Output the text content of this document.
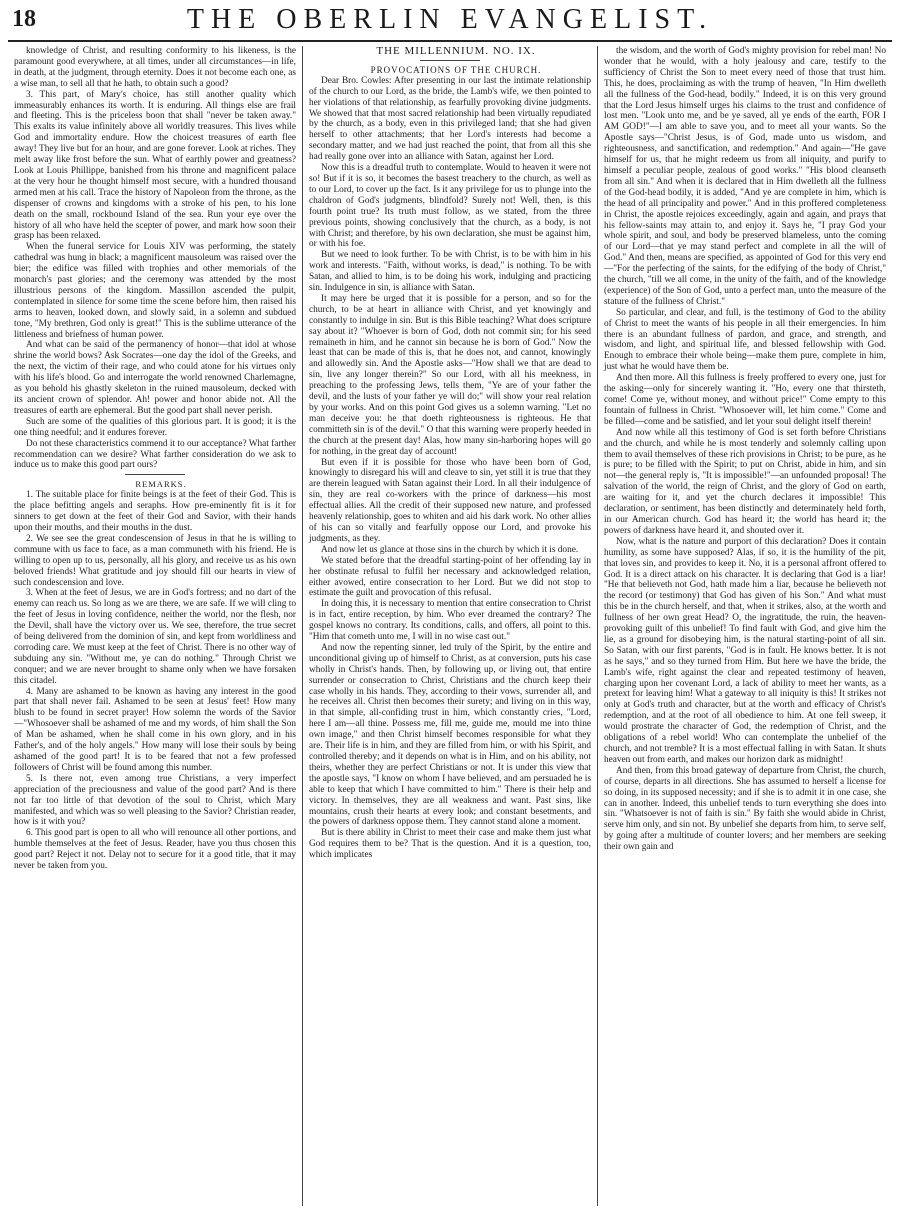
18	THE OBERLIN EVANGELIST.

knowledge of Christ, and resulting conformity to his likeness, is the paramount good everywhere, at all times, under all circumstances—in life, in death, at the judgment, through eternity. Does it not become each one, as a wise man, to sell all that he hath, to obtain such a good?

3. This part, of Mary's choice, has still another quality which immeasurably enhances its worth. It is enduring. All things else are frail and fleeting. This is the priceless boon that shall "never be taken away." This exalts its value infinitely above all worldly treasures. This lives while God and immortality endure. How the choicest treasures of earth flee away! They live but for an hour, and are gone forever. Look at riches. They melt away like frost before the sun. What of earthly power and greatness? Look at Louis Phillippe, banished from his throne and magnificent palace at the very hour he thought himself most secure, with a hundred thousand armed men at his call. Trace the history of Napoleon from the throne, as the dispenser of crowns and kingdoms with a stroke of his pen, to his lone death on the small, rockbound Island of the sea. Run your eye over the history of all who have held the scepter of power, and mark how soon their grasp has been relaxed.

When the funeral service for Louis XIV was performing, the stately cathedral was hung in black; a magnificent mausoleum was raised over the bier; the edifice was filled with trophies and other memorials of the monarch's past glories; and the ceremony was attended by the most illustrious persons of the kingdom. Massillon ascended the pulpit, contemplated in silence for some time the scene before him, then raised his arms to heaven, looked down, and slowly said, in a solemn and subdued tone, "My brethren, God only is great!" This is the sublime utterance of the littleness and briefness of human power.

And what can be said of the permanency of honor—that idol at whose shrine the world bows? Ask Socrates—one day the idol of the Greeks, and the next, the victim of their rage, and who could atone for his virtues only with his life's blood. Go and interrogate the world renowned Charlemagne, as you behold his ghastly skeleton in the ruined mausoleum, decked with its ancient crown of splendor. Ah! power and honor abide not. All the treasures of earth are ephemeral. But the good part shall never perish.

Such are some of the qualities of this glorious part. It is good; it is the one thing needful; and it endures forever.

Do not these characteristics commend it to our acceptance? What farther recommendation can we desire? What farther consideration do we ask to induce us to make this good part ours?

REMARKS.

1. The suitable place for finite beings is at the feet of their God. This is the place befitting angels and seraphs. How pre-eminently fit is it for sinners to get down at the feet of their God and Savior, with their hands upon their mouths, and their mouths in the dust.

2. We see see the great condescension of Jesus in that he is willing to commune with us face to face, as a man communeth with his friend. He is willing to open up to us, personally, all his glory, and receive us as his own beloved friends! What gratitude and joy should fill our hearts in view of such condescension and love.

3. When at the feet of Jesus, we are in God's fortress; and no dart of the enemy can reach us. So long as we are there, we are safe. If we will cling to the feet of Jesus in loving confidence, neither the world, nor the flesh, nor the Devil, shall have the victory over us. We see, therefore, the true secret of being delivered from the dominion of sin, and kept from worldliness and corroding care. We must keep at the feet of Christ. There is no other way of subduing any sin. "Without me, ye can do nothing." Through Christ we conquer; and we are never brought to shame only when we have forsaken this citadel.

4. Many are ashamed to be known as having any interest in the good part that shall never fail. Ashamed to be seen at Jesus' feet! How many blush to be found in secret prayer! How solemn the words of the Savior—"Whosoever shall be ashamed of me and my words, of him shall the Son of Man be ashamed, when he shall come in his own glory, and in his Father's, and of the holy angels." How many will lose their souls by being ashamed of the good part! It is to be feared that not a few professed followers of Christ will be found among this number.

5. Is there not, even among true Christians, a very imperfect appreciation of the preciousness and value of the good part? And is there not far too little of that devotion of the soul to Christ, which Mary manifested, and which was so well pleasing to the Savior? Christian reader, how is it with you?

6. This good part is open to all who will renounce all other portions, and humble themselves at the feet of Jesus. Reader, have you thus chosen this good part? Reject it not. Delay not to secure for it a good title, that it may never be taken from you.

THE MILLENNIUM. NO. IX.

PROVOCATIONS OF THE CHURCH.

Dear Bro. Cowles: After presenting in our last the intimate relationship of the church to our Lord, as the bride, the Lamb's wife, we then pointed to her violations of that relationship, as fearfully provoking divine judgments. We showed that that most sacred relationship had been virtually repudiated by the church, as a body, even in this privileged land; that she had given herself to other attachments; that her Lord's interests had become a secondary matter, and we had just reached the point, that from all this she had really gone over into an alliance with Satan, against her Lord.

Now this is a dreadful truth to contemplate. Would to heaven it were not so! But if it is so, it becomes the basest treachery to the church, as well as to our Lord, to cover up the fact. Is it any privilege for us to plunge into the chaldron of God's judgments, blindfold? Surely not! Well, then, is this fourth point true? Its truth must follow, as we stated, from the three previous points, showing conclusively that the church, as a body, is not with Christ; and therefore, by his own declaration, she must be against him, or with his foe.

But we need to look further. To be with Christ, is to be with him in his work and interests. "Faith, without works, is dead," is nothing. To be with Satan, and allied to him, is to be doing his work, indulging and practicing sin. Indulgence in sin, is alliance with Satan.

It may here be urged that it is possible for a person, and so for the church, to be at heart in alliance with Christ, and yet knowingly and constantly to indulge in sin. But is this Bible teaching? What does scripture say about it? "Whoever is born of God, doth not commit sin; for his seed remaineth in him, and he cannot sin because he is born of God." Now the least that can be made of this is, that he does not, and cannot, knowingly and allowedly sin. And the Apostle asks—"How shall we that are dead to sin, live any longer therein?" So our Lord, with all his meekness, in preaching to the professing Jews, tells them, "Ye are of your father the devil, and the lusts of your father ye will do;" will show your real relation by your works. And on this point God gives us a solemn warning. "Let no man deceive you: he that doeth righteousness is righteous. He that committeth sin is of the devil." O that this warning were properly heeded in the church at the present day! Alas, how many sin-harboring hopes will go for nothing, in the great day of account!

But even if it is possible for those who have been born of God, knowingly to disregard his will and cleave to sin, yet still it is true that they are therein leagued with Satan against their Lord. In all their indulgence of sin, they are real co-workers with the prince of darkness—his most effectual allies. All the credit of their supposed new nature, and professed heavenly relationship, goes to whiten and aid his dark work. No other allies of his can so vitally and fearfully oppose our Lord, and provoke his judgments, as they.

And now let us glance at those sins in the church by which it is done.

We stated before that the dreadful starting-point of her offending lay in her obstinate refusal to fulfil her necessary and acknowledged relation, either avowed, entire consecration to her Lord. But we did not stop to estimate the guilt and provocation of this refusal.

In doing this, it is necessary to mention that entire consecration to Christ is in fact, entire reception, by him. Who ever dreamed the contrary? The gospel knows no contrary. Its conditions, calls, and offers, all point to this. "Him that cometh unto me, I will in no wise cast out."

And now the repenting sinner, led truly of the Spirit, by the entire and unconditional giving up of himself to Christ, as at conversion, puts his case wholly in Christ's hands. Then, by following up, or living out, that entire surrender or consecration to Christ, Christians and the church keep their case wholly in his hands. They, according to their vows, surrender all, and he receives all. Christ then becomes their surety; and living on in this way, in that simple, all-confiding trust in him, which constantly cries, "Lord, here I am—all thine. Possess me, fill me, guide me, mould me into thine own image," and then Christ himself becomes responsible for what they are. Their life is in him, and they are filled from him, or with his Spirit, and controlled thereby; and it depends on what is in Him, and on his ability, not theirs, whether they are perfect Christians or not. It is under this view that the apostle says, "I know on whom I have believed, and am persuaded he is able to keep that which I have committed to him." There is their help and victory. In themselves, they are all weakness and want. Past sins, like mountains, crush their hearts at every look; and constant besetments, and the powers of darkness oppose them. They cannot stand alone a moment.

But is there ability in Christ to meet their case and make them just what God requires them to be? That is the question. And it is a question, too, which implicates

the wisdom, and the worth of God's mighty provision for rebel man! No wonder that he would, with a holy jealousy and care, testify to the sufficiency of Christ the Son to meet every need of those that trust him. This, he does, proclaiming as with the trump of heaven, "In Him dwelleth all the fullness of the God-head, bodily." Indeed, it is on this very ground that the Lord Jesus himself urges his claims to the trust and confidence of lost men. "Look unto me, and be ye saved, all ye ends of the earth, FOR I AM GOD!"—I am able to save you, and to meet all your wants. So the Apostle says—"Christ Jesus, is of God, made unto us wisdom, and righteousness, and sanctification, and redemption." And again—"He gave himself for us, that he might redeem us from all iniquity, and purify to himself a peculiar people, zealous of good works." "His blood cleanseth from all sin." And when it is declared that in Him dwelleth all the fullness of the God-head bodily, it is added, "And ye are complete in him, which is the head of all principality and power." And in this proffered completeness in Christ, the apostle rejoices exceedingly, again and again, and prays that his fellow-saints may attain to, and enjoy it. Says he, "I pray God your whole spirit, and soul, and body be preserved blameless, unto the coming of our Lord—that ye may stand perfect and complete in all the will of God." And then, means are specified, as appointed of God for this very end—"For the perfecting of the saints, for the edifying of the body of Christ," the church, "till we all come, in the unity of the faith, and of the knowledge (experience) of the Son of God, unto a perfect man, unto the measure of the stature of the fullness of Christ."

So particular, and clear, and full, is the testimony of God to the ability of Christ to meet the wants of his people in all their emergencies. In him there is an abundant fullness of pardon, and grace, and strength, and wisdom, and light, and spiritual life, and blessed fellowship with God. Enough to embrace their whole being—make them pure, complete in him, just what he would have them be.

And then more. All this fullness is freely proffered to every one, just for the asking—only for sincerely wanting it. "Ho, every one that thirsteth, come! Come ye, without money, and without price!" Come empty to this fountain of fullness in Christ. "Whosoever will, let him come." Come and be filled—come and be satisfied, and let your soul delight itself therein!

And now while all this testimony of God is set forth before Christians and the church, and while he is most tenderly and solemnly calling upon them to avail themselves of these rich provisions in Christ; to be pure, as he is pure; to be filled with the Spirit; to put on Christ, abide in him, and sin not—the general reply is, "It is impossible!"—an unfounded proposal! The salvation of the world, the reign of Christ, and the glory of God on earth, are waiting for it, and yet the church declares it impossible! This declaration, or sentiment, has been distinctly and determinately held forth, in our American church. God has heard it; the world has heard it; the powers of darkness have heard it, and shouted over it.

Now, what is the nature and purport of this declaration? Does it contain humility, as some have supposed? Alas, if so, it is the humility of the pit, that loves sin, and provides to keep it. No, it is a personal affront offered to God. It is a direct attack on his character. It is declaring that God is a liar! "He that believeth not God, hath made him a liar, because he believeth not the record (or testimony) that God has given of his Son." And what must this be in the church herself, and that, when it strikes, also, at the worth and fullness of her own great Head? O, the ingratitude, the ruin, the heaven-provoking guilt of this unbelief! To find fault with God, and give him the lie, as a ground for disobeying him, is the natural starting-point of all sin. So Satan, with our first parents, "God is in fault. He knows better. It is not as he says," and so they turned from Him. But here we have the bride, the Lamb's wife, right against the clear and repeated testimony of heaven, charging upon her covenant Lord, a lack of ability to meet her wants, as a pretext for leaving him! What a gateway to all iniquity is this! It strikes not only at God's truth and character, but at the worth and efficacy of Christ's redemption, and at the root of all obedience to him. At one fell sweep, it would prostrate the character of God, the redemption of Christ, and the obligations of a rebel world! Who can contemplate the unbelief of the church, and not tremble? It is a most effectual falling in with Satan. It shuts heaven out from earth, and makes our horizon dark as midnight!

And then, from this broad gateway of departure from Christ, the church, of course, departs in all directions. She has assumed to herself a license for so doing, in its supposed necessity; and if she is to admit it in one case, she can in another. Indeed, this unbelief tends to turn everything she does into sin. "Whatsoever is not of faith is sin." By faith she would abide in Christ, serve him only, and sin not. By unbelief she departs from him, to serve self, by going after a multitude of counter lovers; and her members are seeking their own gain and
